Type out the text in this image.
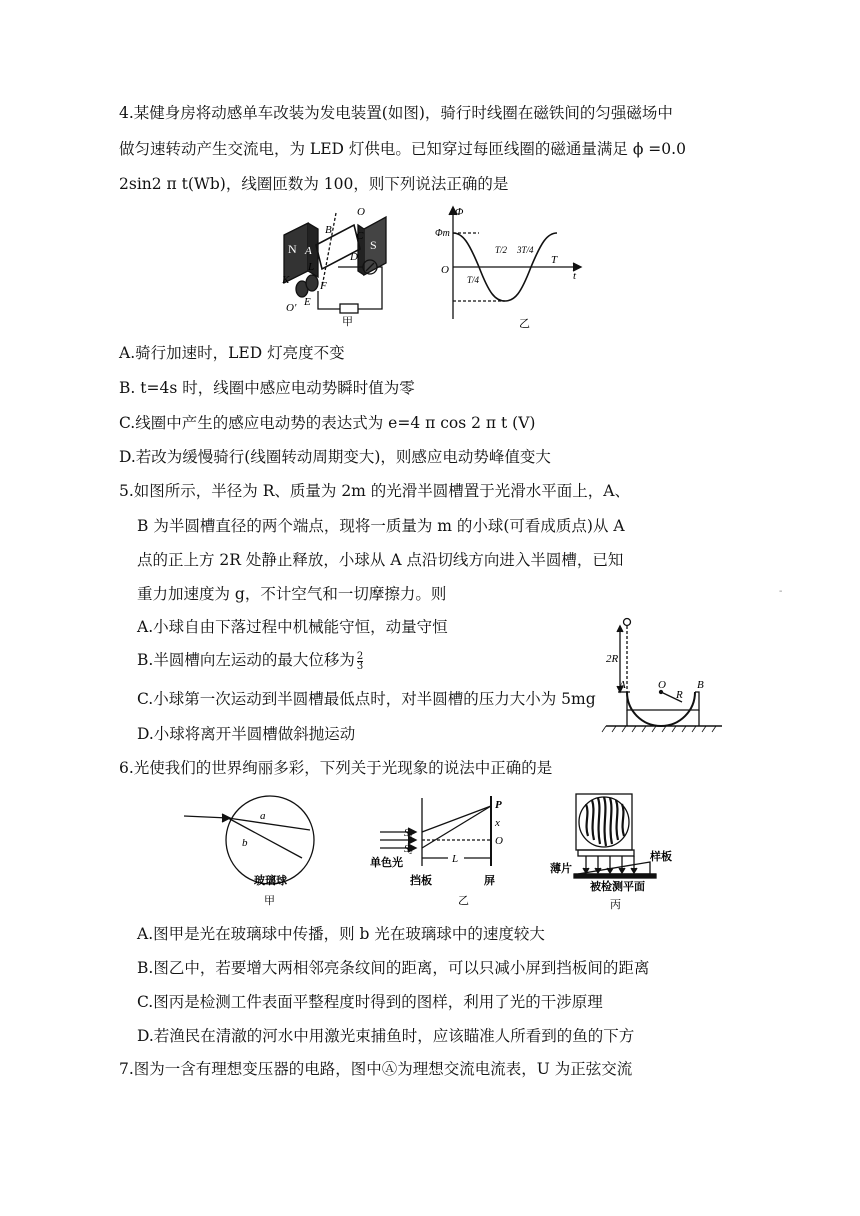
4.某健身房将动感单车改装为发电装置(如图)，骑行时线圈在磁铁间的匀强磁场中
做匀速转动产生交流电，为 LED 灯供电。已知穿过每匝线圈的磁通量满足 ϕ =0.0
2sin2 π t(Wb)，线圈匝数为 100，则下列说法正确的是
N	S
A
B C
D
O
O'
K
E
F
L
甲
Φ
Φm
O	t
T
T/4
T/2 3T/4
乙
A.骑行加速时，LED 灯亮度不变
B. t=4s 时，线圈中感应电动势瞬时值为零
C.线圈中产生的感应电动势的表达式为 e=4 π cos 2 π t (V)
D.若改为缓慢骑行(线圈转动周期变大)，则感应电动势峰值变大
5.如图所示，半径为 R、质量为 2m 的光滑半圆槽置于光滑水平面上，A、
B 为半圆槽直径的两个端点，现将一质量为 m 的小球(可看成质点)从 A
点的正上方 2R 处静止释放，小球从 A 点沿切线方向进入半圆槽，已知
重力加速度为 g，不计空气和一切摩擦力。则	-
A.小球自由下落过程中机械能守恒，动量守恒
B.半圆槽向左运动的最大位移为 $\frac{2}{3}$
C.小球第一次运动到半圆槽最低点时，对半圆槽的压力大小为 5mg
D.小球将离开半圆槽做斜抛运动
2R
A	O
R
B
6.光使我们的世界绚丽多彩，下列关于光现象的说法中正确的是
a
b
玻璃球
甲
P
x
O
S₁
S₂
L
单色光
挡板	屏
乙
薄片
样板
被检测平面
丙
A.图甲是光在玻璃球中传播，则 b 光在玻璃球中的速度较大
B.图乙中，若要增大两相邻亮条纹间的距离，可以只减小屏到挡板间的距离
C.图丙是检测工件表面平整程度时得到的图样，利用了光的干涉原理
D.若渔民在清澈的河水中用激光束捕鱼时，应该瞄准人所看到的鱼的下方
7.图为一含有理想变压器的电路，图中Ⓐ为理想交流电流表，U 为正弦交流
